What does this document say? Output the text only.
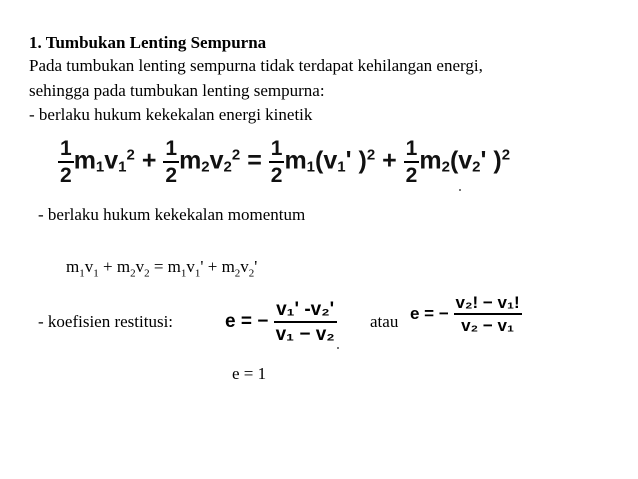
1. Tumbukan Lenting Sempurna
Pada tumbukan lenting sempurna tidak terdapat kehilangan energi,
sehingga pada tumbukan lenting sempurna:
- berlaku hukum kekekalan energi kinetik
$\frac{1}{2} m_1v_1^2 + \frac{1}{2} m_2v_2^2 = \frac{1}{2} m_1(v_1'$ )$^2 + \frac{1}{2} m_2(v_2'$ )$^2$
- berlaku hukum kekekalan momentum
$m_1v_1 + m_2v_2 = m_1v_1' + m_2v_2'$
- koefisien restitusi:	e = − $\frac{\text{v₁' -v₂'}}{\text{v₁ − v₂}}$ atau e = − $\frac{\text{v₂! − v₁!}}{\text{v₂ − v₁}}$
e = 1
